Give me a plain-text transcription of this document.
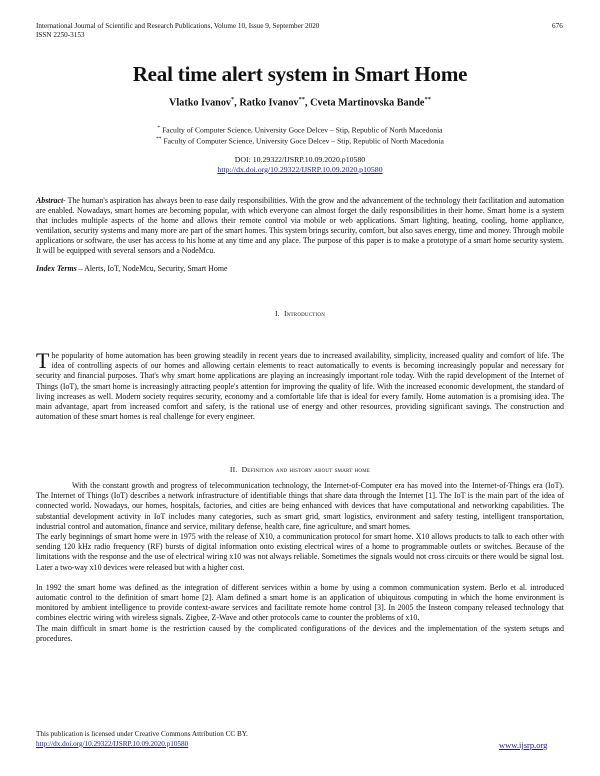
International Journal of Scientific and Research Publications, Volume 10, Issue 9, September 2020
ISSN 2250-3153
676
Real time alert system in Smart Home
Vlatko Ivanov*, Ratko Ivanov**, Cveta Martinovska Bande**
* Faculty of Computer Science, University Goce Delcev – Stip, Republic of North Macedonia
** Faculty of Computer Science, University Goce Delcev – Stip, Republic of North Macedonia
DOI: 10.29322/IJSRP.10.09.2020.p10580
http://dx.doi.org/10.29322/IJSRP.10.09.2020.p10580
Abstract- The human's aspiration has always been to ease daily responsibilities. With the grow and the advancement of the technology their facilitation and automation are enabled. Nowadays, smart homes are becoming popular, with which everyone can almost forget the daily responsibilities in their home. Smart home is a system that includes multiple aspects of the home and allows their remote control via mobile or web applications. Smart lighting, heating, cooling, home appliance, ventilation, security systems and many more are part of the smart homes. This system brings security, comfort, but also saves energy, time and money. Through mobile applications or software, the user has access to his home at any time and any place. The purpose of this paper is to make a prototype of a smart home security system. It will be equipped with several sensors and a NodeMcu.
Index Terms – Alerts, IoT, NodeMcu, Security, Smart Home
I. Introduction

The popularity of home automation has been growing steadily in recent years due to increased availability, simplicity, increased quality and comfort of life. The idea of controlling aspects of our homes and allowing certain elements to react automatically to events is becoming increasingly popular and necessary for security and financial purposes. That's why smart home applications are playing an increasingly important role today. With the rapid development of the Internet of Things (IoT), the smart home is increasingly attracting people's attention for improving the quality of life. With the increased economic development, the standard of living increases as well. Modern society requires security, economy and a comfortable life that is ideal for every family. Home automation is a promising idea. The main advantage, apart from increased comfort and safety, is the rational use of energy and other resources, providing significant savings. The construction and automation of these smart homes is real challenge for every engineer.

II. Definition and history about smart home

With the constant growth and progress of telecommunication technology, the Internet-of-Computer era has moved into the Internet-of-Things era (IoT). The Internet of Things (IoT) describes a network infrastructure of identifiable things that share data through the Internet [1]. The IoT is the main part of the idea of connected world. Nowadays, our homes, hospitals, factories, and cities are being enhanced with devices that have computational and networking capabilities. The substantial development activity in IoT includes many categories, such as smart grid, smart logistics, environment and safety testing, intelligent transportation, industrial control and automation, finance and service, military defense, health care, fine agriculture, and smart homes.

The early beginnings of smart home were in 1975 with the release of X10, a communication protocol for smart home. X10 allows products to talk to each other with sending 120 kHz radio frequency (RF) bursts of digital information onto existing electrical wires of a home to programmable outlets or switches. Because of the limitations with the response and the use of electrical wiring x10 was not always reliable. Sometimes the signals would not cross circuits or there would be signal lost. Later a two-way x10 devices were released but with a higher cost.

In 1992 the smart home was defined as the integration of different services within a home by using a common communication system. Berlo et al. introduced automatic control to the definition of smart home [2]. Alam defined a smart home is an application of ubiquitous computing in which the home environment is monitored by ambient intelligence to provide context-aware services and facilitate remote home control [3]. In 2005 the Insteon company released technology that combines electric wiring with wireless signals. Zigbee, Z-Wave and other protocols came to counter the problems of x10.

The main difficult in smart home is the restriction caused by the complicated configurations of the devices and the implementation of the system setups and procedures.

This publication is licensed under Creative Commons Attribution CC BY.
http://dx.doi.org/10.29322/IJSRP.10.09.2020.p10580	www.ijsrp.org
